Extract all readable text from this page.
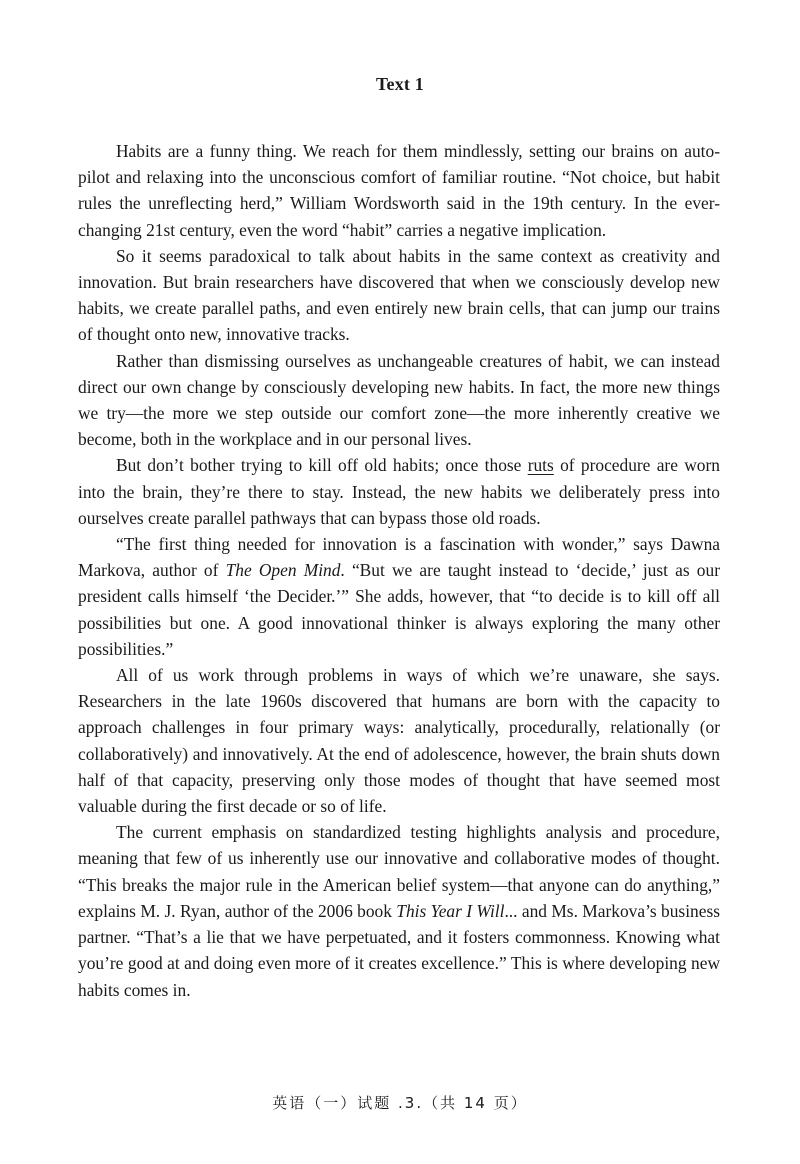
Text 1

Habits are a funny thing. We reach for them mindlessly, setting our brains on auto-pilot and relaxing into the unconscious comfort of familiar routine. “Not choice, but habit rules the unreflecting herd,” William Wordsworth said in the 19th century. In the ever-changing 21st century, even the word “habit” carries a negative implication.

So it seems paradoxical to talk about habits in the same context as creativity and innovation. But brain researchers have discovered that when we consciously develop new habits, we create parallel paths, and even entirely new brain cells, that can jump our trains of thought onto new, innovative tracks.

Rather than dismissing ourselves as unchangeable creatures of habit, we can instead direct our own change by consciously developing new habits. In fact, the more new things we try—the more we step outside our comfort zone—the more inherently creative we become, both in the workplace and in our personal lives.

But don’t bother trying to kill off old habits; once those ruts of procedure are worn into the brain, they’re there to stay. Instead, the new habits we deliberately press into ourselves create parallel pathways that can bypass those old roads.

“The first thing needed for innovation is a fascination with wonder,” says Dawna Markova, author of The Open Mind. “But we are taught instead to ‘decide,’ just as our president calls himself ‘the Decider.’” She adds, however, that “to decide is to kill off all possibilities but one. A good innovational thinker is always exploring the many other possibilities.”

All of us work through problems in ways of which we’re unaware, she says. Researchers in the late 1960s discovered that humans are born with the capacity to approach challenges in four primary ways: analytically, procedurally, relationally (or collaboratively) and innovatively. At the end of adolescence, however, the brain shuts down half of that capacity, preserving only those modes of thought that have seemed most valuable during the first decade or so of life.

The current emphasis on standardized testing highlights analysis and procedure, meaning that few of us inherently use our innovative and collaborative modes of thought. “This breaks the major rule in the American belief system—that anyone can do anything,” explains M. J. Ryan, author of the 2006 book This Year I Will... and Ms. Markova’s business partner. “That’s a lie that we have perpetuated, and it fosters commonness. Knowing what you’re good at and doing even more of it creates excellence.” This is where developing new habits comes in.

英语（一）试题 .3.（共 14 页）
